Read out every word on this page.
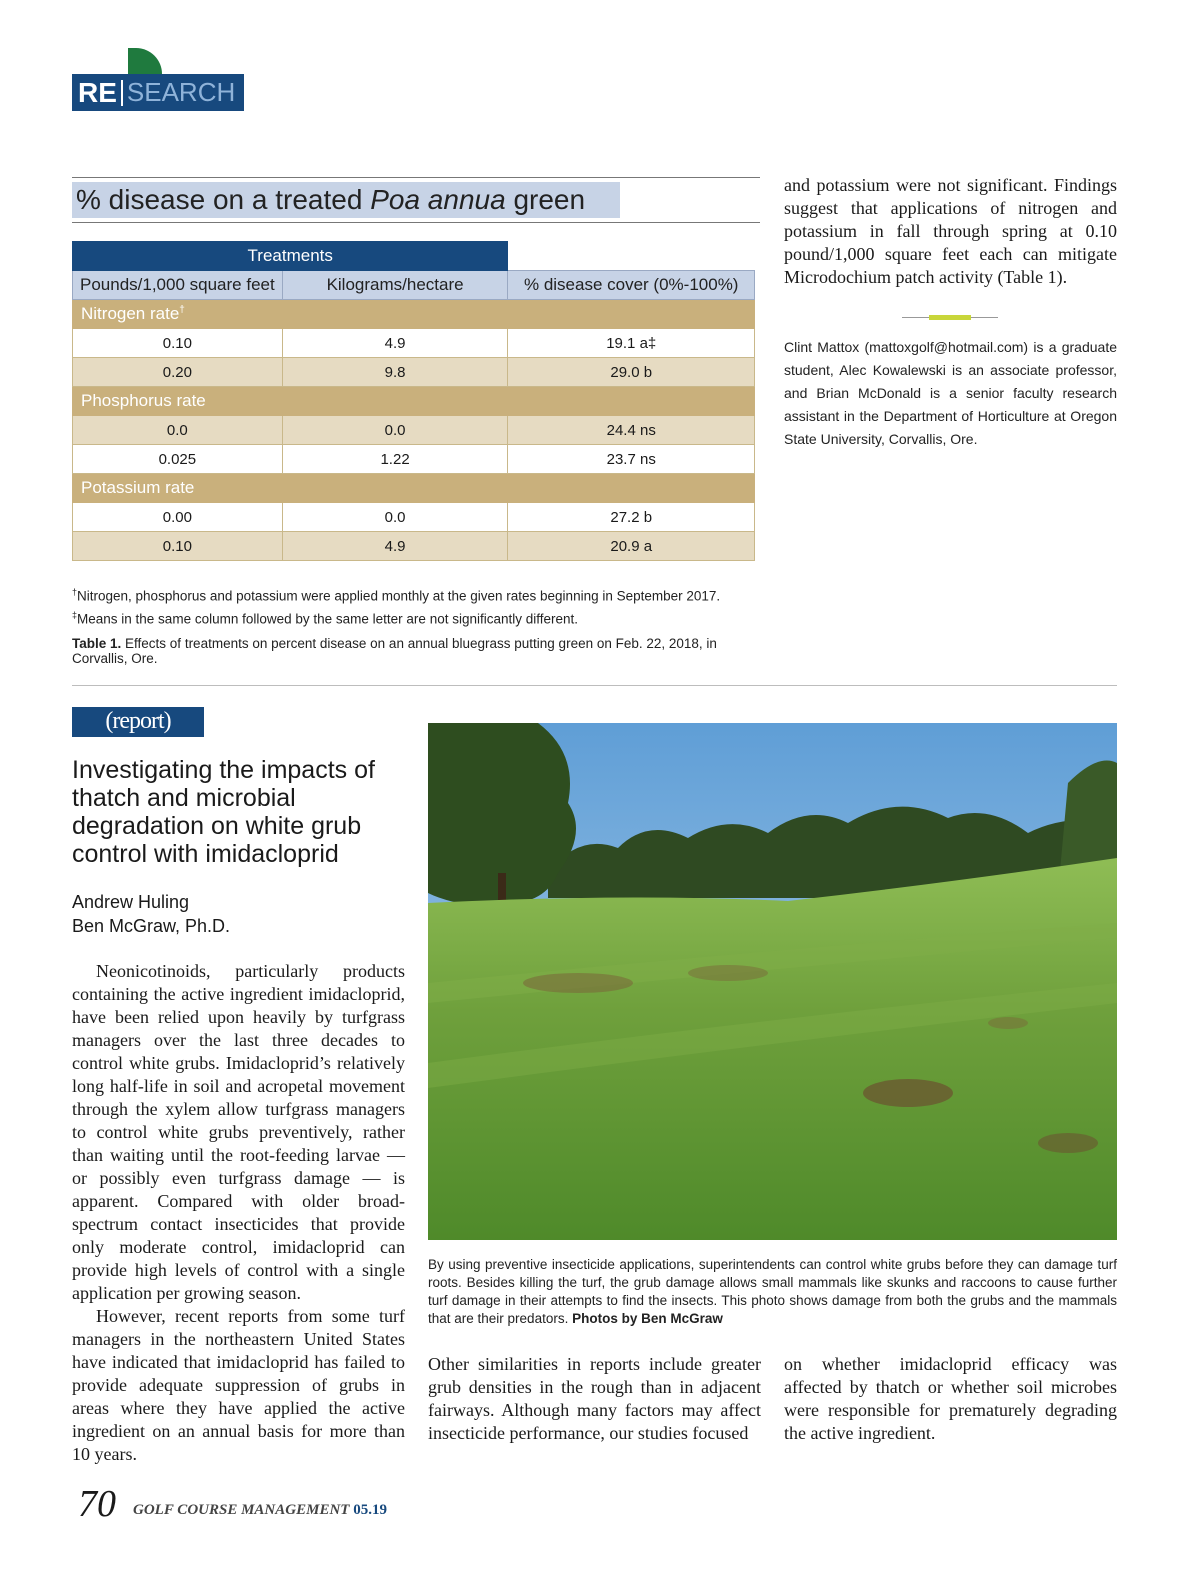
RE SEARCH
% disease on a treated Poa annua green
Treatments		
Pounds/1,000 square feet	Kilograms/hectare	% disease cover (0%-100%)
Nitrogen rate†
0.10	4.9	19.1 a‡
0.20	9.8	29.0 b
Phosphorus rate		
0.0	0.0	24.4 ns
0.025	1.22	23.7 ns
Potassium rate		
0.00	0.0	27.2 b
0.10	4.9	20.9 a
†Nitrogen, phosphorus and potassium were applied monthly at the given rates beginning in September 2017.
‡Means in the same column followed by the same letter are not significantly different.
Table 1. Effects of treatments on percent disease on an annual bluegrass putting green on Feb. 22, 2018, in Corvallis, Ore.
and potassium were not significant. Findings suggest that applications of nitrogen and potassium in fall through spring at 0.10 pound/1,000 square feet each can mitigate Microdochium patch activity (Table 1).
Clint Mattox (mattoxgolf@hotmail.com) is a graduate student, Alec Kowalewski is an associate professor, and Brian McDonald is a senior faculty research assistant in the Department of Horticulture at Oregon State University, Corvallis, Ore.
(report)
Investigating the impacts of thatch and microbial degradation on white grub control with imidacloprid
Andrew Huling
Ben McGraw, Ph.D.

Neonicotinoids, particularly products containing the active ingredient imidacloprid, have been relied upon heavily by turfgrass managers over the last three decades to control white grubs. Imidacloprid’s relatively long half-life in soil and acropetal movement through the xylem allow turfgrass managers to control white grubs preventively, rather than waiting until the root-feeding larvae — or possibly even turfgrass damage — is apparent. Compared with older broad-spectrum contact insecticides that provide only moderate control, imidacloprid can provide high levels of control with a single application per growing season.

However, recent reports from some turf managers in the northeastern United States have indicated that imidacloprid has failed to provide adequate suppression of grubs in areas where they have applied the active ingredient on an annual basis for more than 10 years.

By using preventive insecticide applications, superintendents can control white grubs before they can damage turf roots. Besides killing the turf, the grub damage allows small mammals like skunks and raccoons to cause further turf damage in their attempts to find the insects. This photo shows damage from both the grubs and the mammals that are their predators. Photos by Ben McGraw
Other similarities in reports include greater grub densities in the rough than in adjacent fairways. Although many factors may affect insecticide performance, our studies focused
on whether imidacloprid efficacy was affected by thatch or whether soil microbes were responsible for prematurely degrading the active ingredient.
70 GOLF COURSE MANAGEMENT 05.19
